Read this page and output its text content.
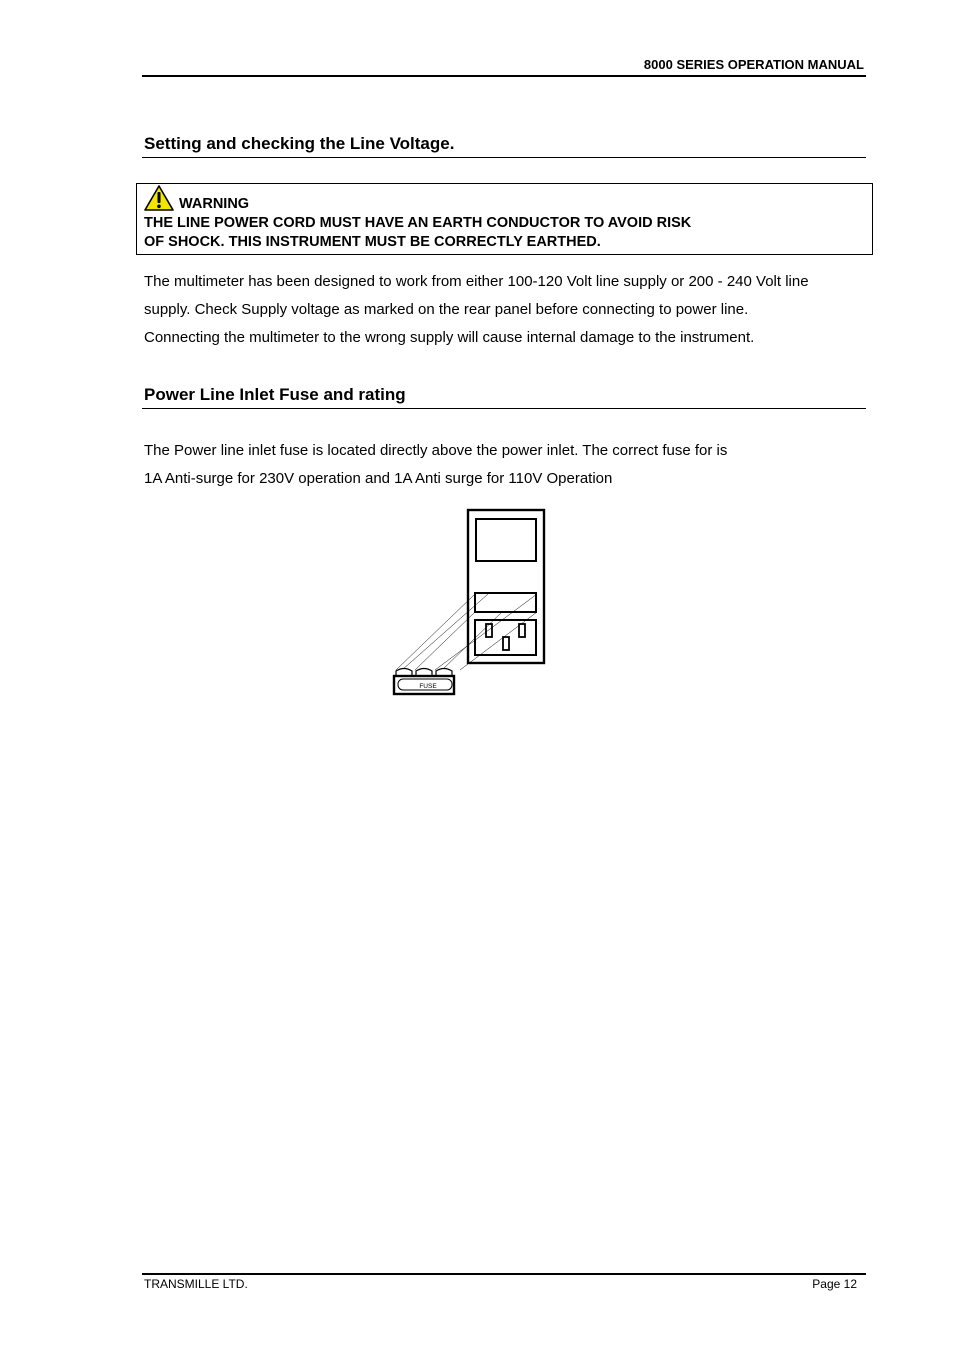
8000 SERIES OPERATION MANUAL
Setting and checking the Line Voltage.
WARNING
THE LINE POWER CORD MUST HAVE AN EARTH CONDUCTOR TO AVOID RISK
OF SHOCK. THIS INSTRUMENT MUST BE CORRECTLY EARTHED.
The multimeter has been designed to work from either 100-120 Volt line supply or 200 - 240 Volt line
supply. Check Supply voltage as marked on the rear panel before connecting to power line.
Connecting the multimeter to the wrong supply will cause internal damage to the instrument.
Power Line Inlet Fuse and rating
The Power line inlet fuse is located directly above the power inlet. The correct fuse for is
1A Anti-surge for 230V operation and 1A Anti surge for 110V Operation
FUSE
TRANSMILLE LTD.	Page 12
